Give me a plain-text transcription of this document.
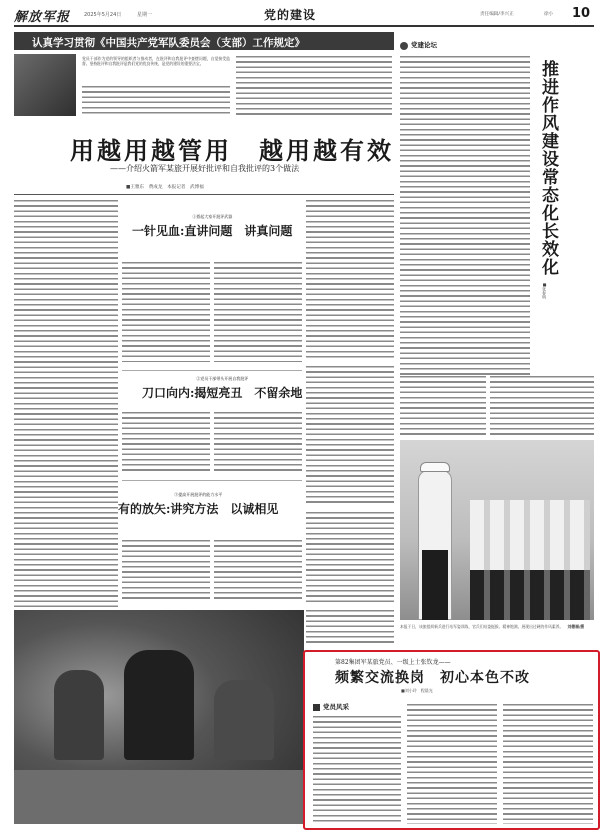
解放军报	2025年5月24日	星期一	党的建设	责任编辑/李兴正	徐小 10
认真学习贯彻《中国共产党军队委员会（支部）工作规定》

党员干部作为党的领导的组织者与推动者，在批评和自我批评中查摆问题，自觉接受监督。坚持批评和自我批评是我们党的优良传统，是党的建设的重要法宝。

用越用越管用　越用越有效
——介绍火箭军某旅开展好批评和自我批评的3个做法
■王雅东　费成龙　本报记者　武博福
①搭起大家开批评武器
一针见血:直讲问题　讲真问题
②党员干部带头开展自我批评
刀口向内:揭短亮丑　不留余地
③提高开展批评的能力水平
有的放矢:讲究方法　以诚相见
党建论坛
推进作风建设常态化长效化
■张春明

本报于日，该旅组织新兵进行站军姿训练，官兵们站姿挺拔、精神饱满，展现出过硬的作风素养。 刘德福/摄

第82集团军某旅党员、一级上士张钦龙——
频繁交流换岗　初心本色不改
■刘小玲　程晨光
党员风采
